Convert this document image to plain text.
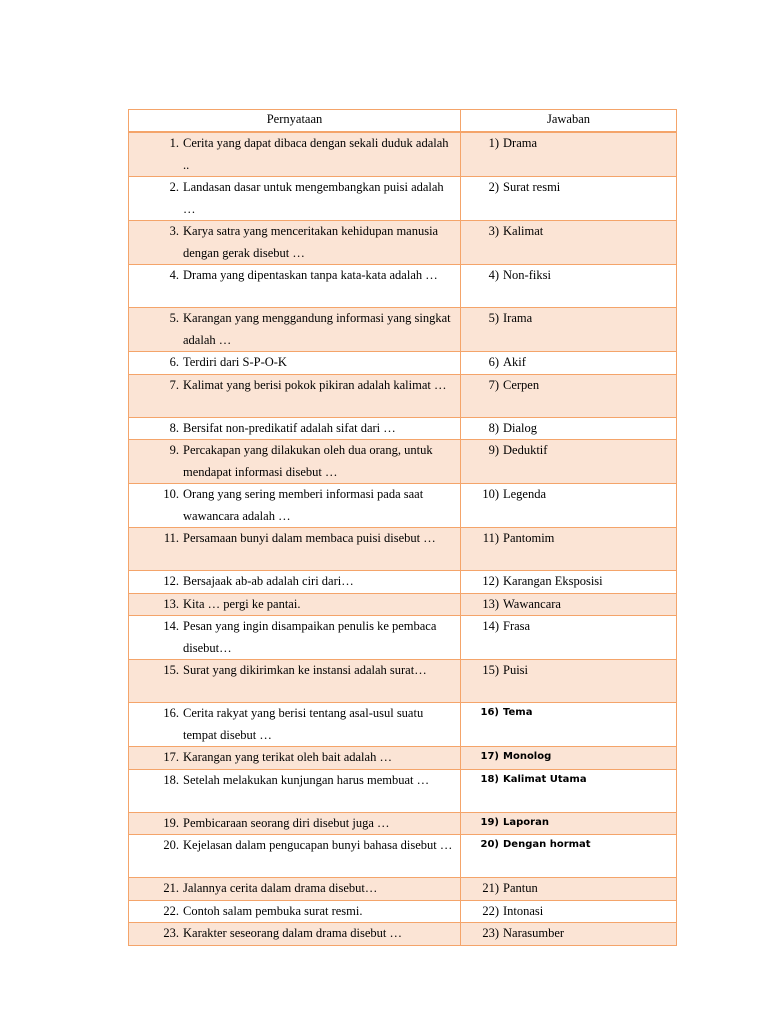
Pernyataan	Jawaban

1. Cerita yang dapat dibaca dengan sekali duduk adalah ..	1) Drama

2. Landasan dasar untuk mengembangkan puisi adalah …	2) Surat resmi

3. Karya satra yang menceritakan kehidupan manusia dengan gerak disebut …	3) Kalimat

4. Drama yang dipentaskan tanpa kata-kata adalah …	4) Non-fiksi

5. Karangan yang menggandung informasi yang singkat adalah …	5) Irama

6. Terdiri dari S-P-O-K	6) Akif

7. Kalimat yang berisi pokok pikiran adalah kalimat …	7) Cerpen

8. Bersifat non-predikatif adalah sifat dari …	8) Dialog

9. Percakapan yang dilakukan oleh dua orang, untuk mendapat informasi disebut …	9) Deduktif

10. Orang yang sering memberi informasi pada saat wawancara adalah …	10) Legenda

11. Persamaan bunyi dalam membaca puisi disebut …	11) Pantomim

12. Bersajaak ab-ab adalah ciri dari…	12) Karangan Eksposisi

13. Kita … pergi ke pantai.	13) Wawancara

14. Pesan yang ingin disampaikan penulis ke pembaca disebut…	14) Frasa

15. Surat yang dikirimkan ke instansi adalah surat…	15) Puisi

16. Cerita rakyat yang berisi tentang asal-usul suatu tempat disebut …	16) Tema

17. Karangan yang terikat oleh bait adalah …	17) Monolog

18. Setelah melakukan kunjungan harus membuat …	18) Kalimat Utama

19. Pembicaraan seorang diri disebut juga …	19) Laporan

20. Kejelasan dalam pengucapan bunyi bahasa disebut …	20) Dengan hormat

21. Jalannya cerita dalam drama disebut…	21) Pantun

22. Contoh salam pembuka surat resmi.	22) Intonasi

23. Karakter seseorang dalam drama disebut …	23) Narasumber
